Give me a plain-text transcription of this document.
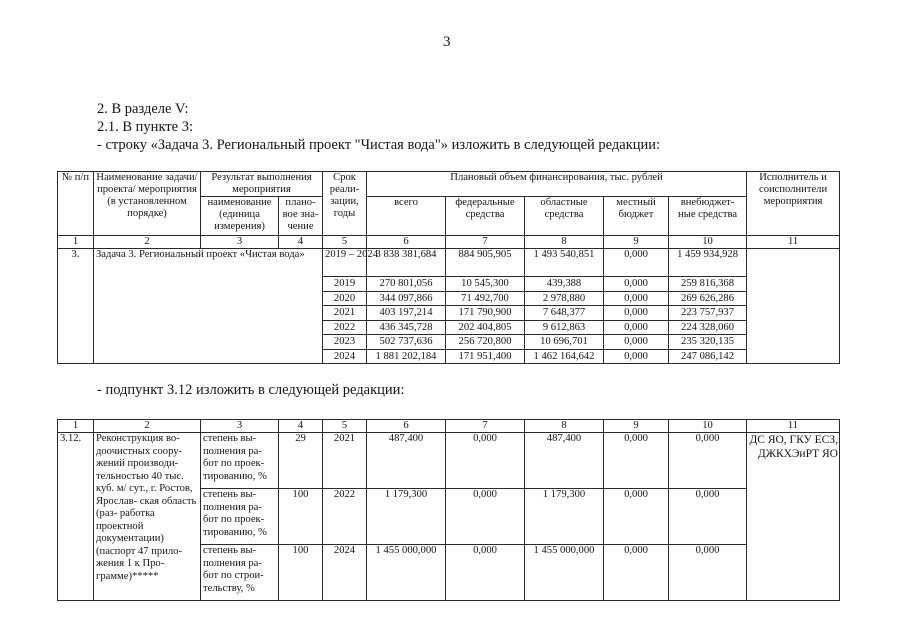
3
2. В разделе V:
2.1. В пункте 3:
- строку «Задача 3. Региональный проект "Чистая вода"» изложить в следующей редакции:
№ п/п	Наименование задачи/проекта/ мероприятия (в установленном порядке)	Результат выполнения мероприятия		Срок реали- зации, годы	Плановый объем финансирования, тыс. рублей					Исполнитель и соисполнители мероприятия
		наименование (единица измерения)	плано- вое зна- чение		всего	федеральные средства	областные средства	местный бюджет	внебюджет- ные средства	
1	2	3	4	5	6	7	8	9	10	11
3.	Задача 3. Региональный проект «Чистая вода»			2019 – 2024	3 838 381,684	884 905,905	1 493 540,851	0,000	1 459 934,928	
				2019	270 801,056	10 545,300	439,388	0,000	259 816,368	
				2020	344 097,866	71 492,700	2 978,880	0,000	269 626,286	
				2021	403 197,214	171 790,900	7 648,377	0,000	223 757,937	
				2022	436 345,728	202 404,805	9 612,863	0,000	224 328,060	
				2023	502 737,636	256 720,800	10 696,701	0,000	235 320,135	
				2024	1 881 202,184	171 951,400	1 462 164,642	0,000	247 086,142	
- подпункт 3.12 изложить в следующей редакции:
1	2	3	4	5	6	7	8	9	10	11
3.12.	Реконструкция во- доочистных соору- жений производи- тельностью 40 тыс. куб. м/ сут., г. Ростов, Ярослав- ская область (раз- работка проектной документации) (паспорт 47 прило- жения 1 к Про- грамме)*****	степень вы- полнения ра- бот по проек- тированию, %	29	2021	487,400	0,000	487,400	0,000	0,000	ДС ЯО, ГКУ ЕСЗ, ДЖКХЭиРТ ЯО
		степень вы- полнения ра- бот по проек- тированию, %	100	2022	1 179,300	0,000	1 179,300	0,000	0,000	
		степень вы- полнения ра- бот по строи- тельству, %	100	2024	1 455 000,000	0,000	1 455 000,000	0,000	0,000	
